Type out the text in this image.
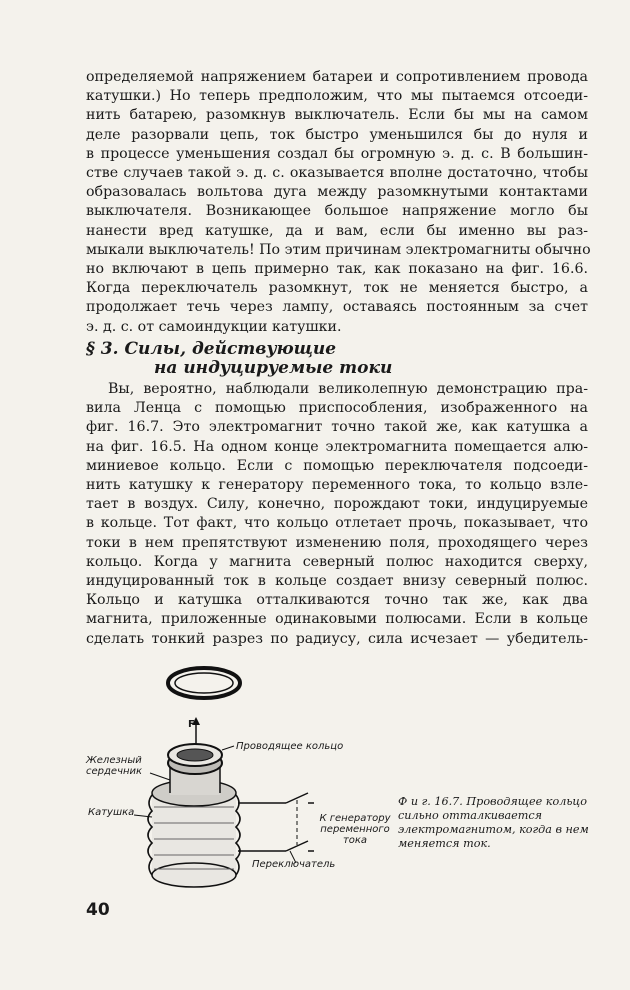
определяемой напряжением батареи и сопротивлением провода
катушки.) Но теперь предположим, что мы пытаемся отсоеди-
нить батарею, разомкнув выключатель. Если бы мы на самом
деле разорвали цепь, ток быстро уменьшился бы до нуля и
в процессе уменьшения создал бы огромную э. д. с. В большин-
стве случаев такой э. д. с. оказывается вполне достаточно, чтобы
образовалась вольтова дуга между разомкнутыми контактами
выключателя. Возникающее большое напряжение могло бы
нанести вред катушке, да и вам, если бы именно вы раз-
мыкали выключатель! По этим причинам электромагниты обычно
но включают в цепь примерно так, как показано на фиг. 16.6.
Когда переключатель разомкнут, ток не меняется быстро, а
продолжает течь через лампу, оставаясь постоянным за счет
э. д. с. от самоиндукции катушки.
§ 3. Силы, действующие
на индуцируемые токи
Вы, вероятно, наблюдали великолепную демонстрацию пра-
вила Ленца с помощью приспособления, изображенного на
фиг. 16.7. Это электромагнит точно такой же, как катушка a
на фиг. 16.5. На одном конце электромагнита помещается алю-
миниевое кольцо. Если с помощью переключателя подсоеди-
нить катушку к генератору переменного тока, то кольцо взле-
тает в воздух. Силу, конечно, порождают токи, индуцируемые
в кольце. Тот факт, что кольцо отлетает прочь, показывает, что
токи в нем препятствуют изменению поля, проходящего через
кольцо. Когда у магнита северный полюс находится сверху,
индуцированный ток в кольце создает внизу северный полюс.
Кольцо и катушка отталкиваются точно так же, как два
магнита, приложенные одинаковыми полюсами. Если в кольце
сделать тонкий разрез по радиусу, сила исчезает — убедитель-
F
Проводящее кольцо
Железный сердечник
Катушка
К генератору переменного тока
Переключатель
Ф и г. 16.7. Проводящее кольцо сильно отталкивается электромагнитом, когда в нем меняется ток.
40
